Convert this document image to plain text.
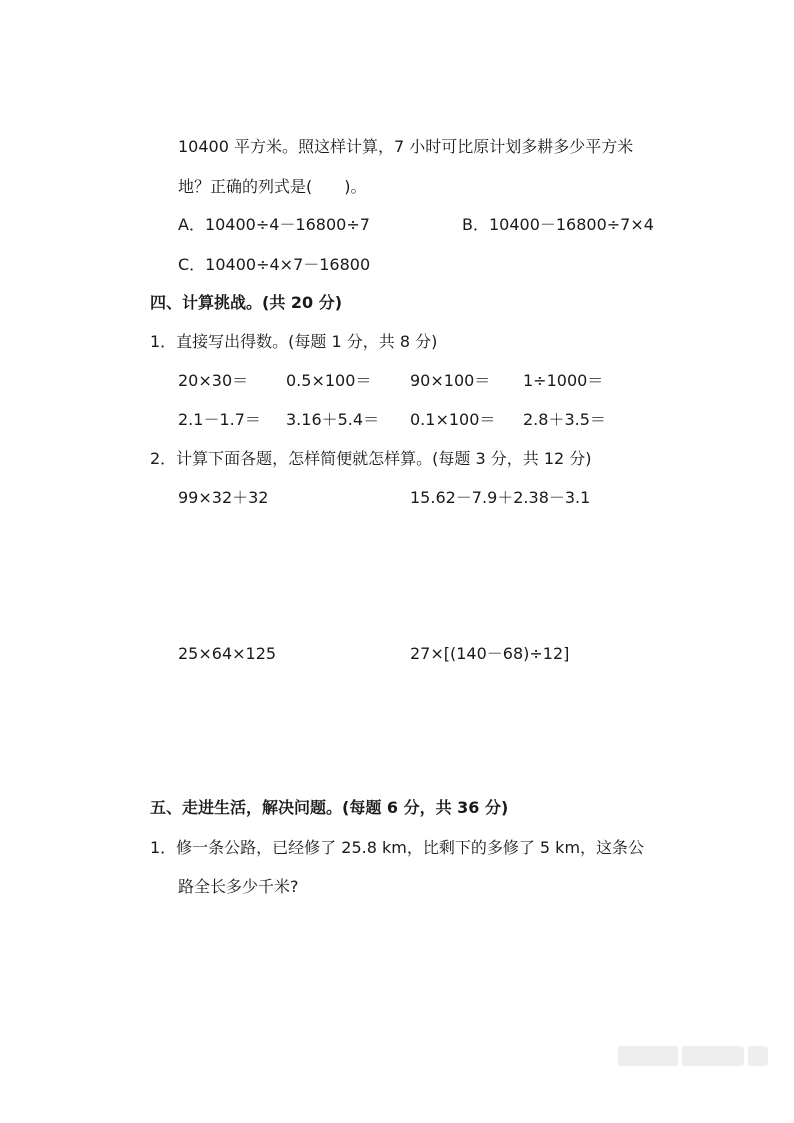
10400 平方米。照这样计算，7 小时可比原计划多耕多少平方米
地？正确的列式是(　　)。
A．10400÷4－16800÷7	B．10400－16800÷7×4
C．10400÷4×7－16800
四、计算挑战。(共 20 分)
1．直接写出得数。(每题 1 分，共 8 分)
20×30＝ 0.5×100＝ 90×100＝ 1÷1000＝
2.1－1.7＝ 3.16＋5.4＝ 0.1×100＝ 2.8＋3.5＝
2．计算下面各题，怎样简便就怎样算。(每题 3 分，共 12 分)
99×32＋32	15.62－7.9＋2.38－3.1
25×64×125	27×[(140－68)÷12]
五、走进生活，解决问题。(每题 6 分，共 36 分)
1．修一条公路，已经修了 25.8 km，比剩下的多修了 5 km，这条公
路全长多少千米?
